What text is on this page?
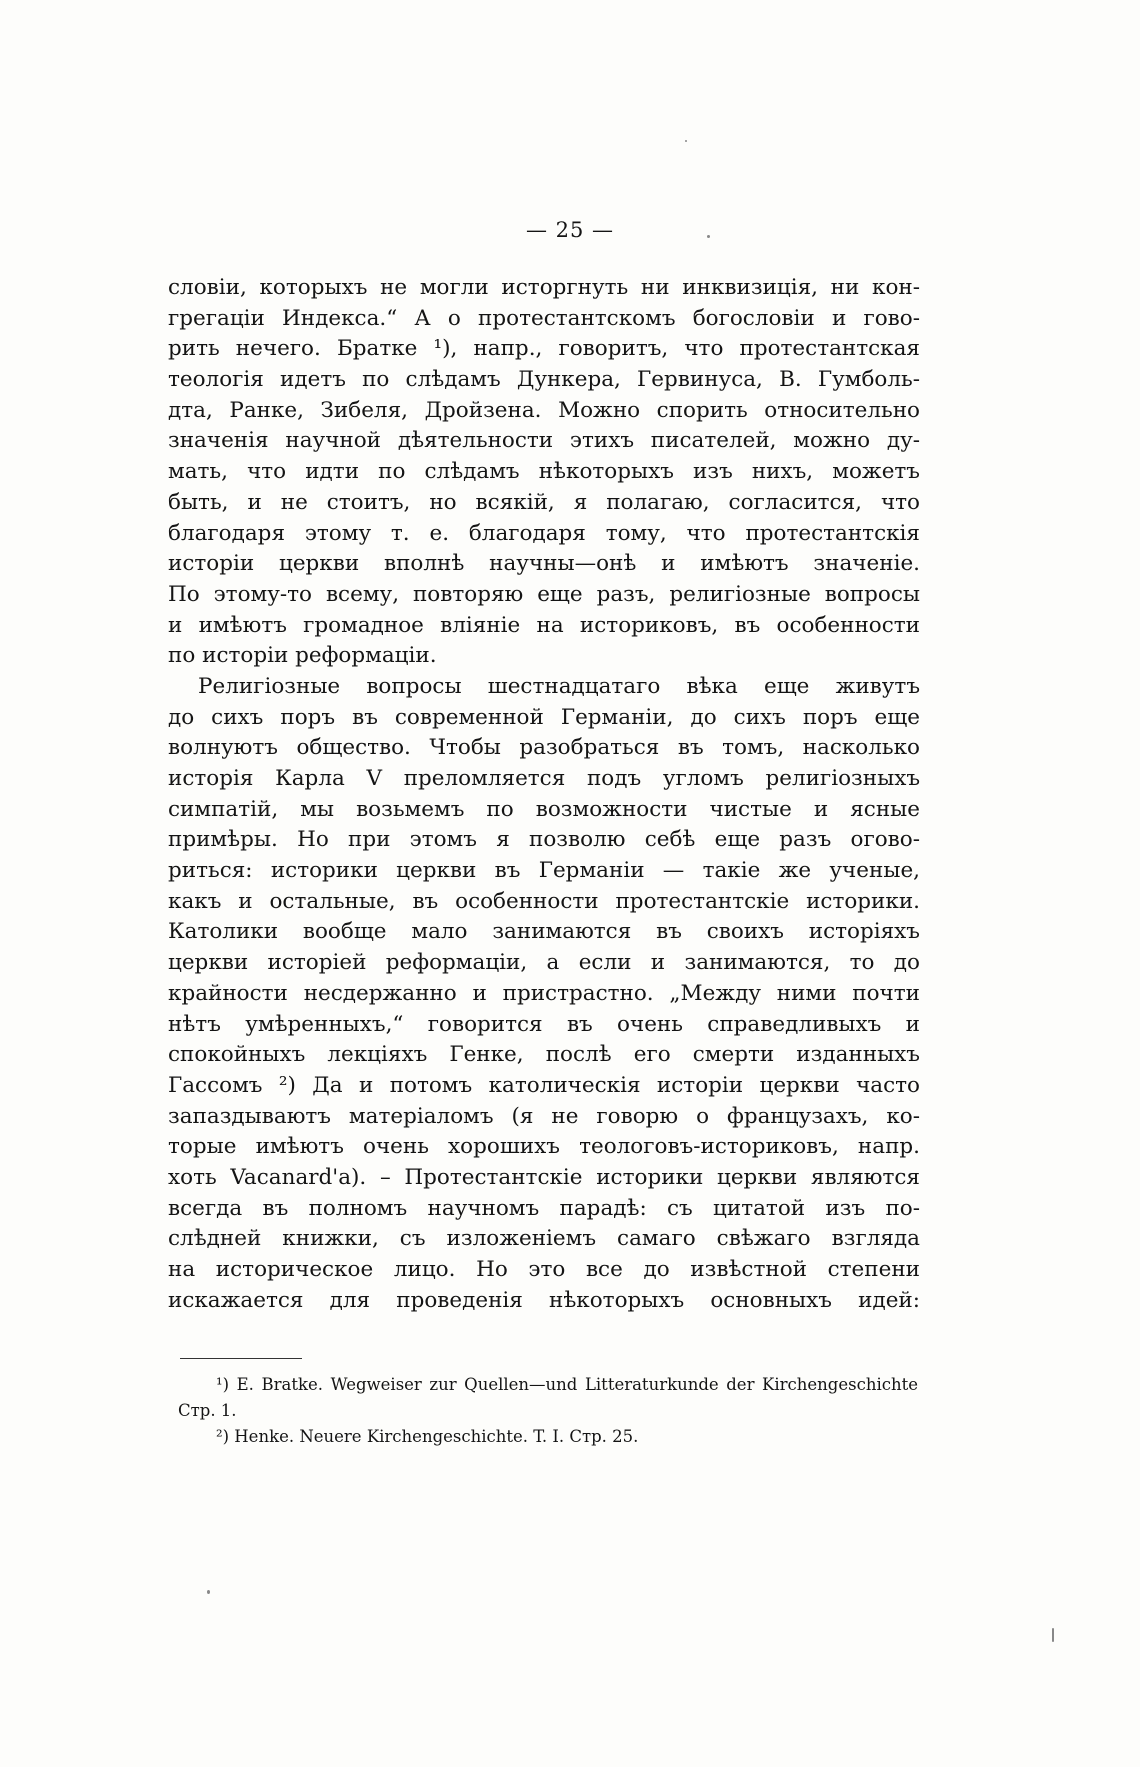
— 25 —
словіи, которыхъ не могли исторгнуть ни инквизицiя, ни кон-
грегацiи Индекса.“ А о протестантскомъ богословiи и гово-
рить нечего. Братке ¹), напр., говоритъ, что протестантская
теологiя идетъ по слѣдамъ Дункера, Гервинуса, В. Гумболь-
дта, Ранке, Зибеля, Дройзена. Можно спорить относительно
значенiя научной дѣятельности этихъ писателей, можно ду-
мать, что идти по слѣдамъ нѣкоторыхъ изъ нихъ, можетъ
быть, и не стоитъ, но всякiй, я полагаю, согласится, что
благодаря этому т. е. благодаря тому, что протестантскiя
исторiи церкви вполнѣ научны—онѣ и имѣютъ значенiе.
По этому-то всему, повторяю еще разъ, религiозные вопросы
и имѣютъ громадное влiянiе на историковъ, въ особенности
по исторiи реформацiи.
Религiозные вопросы шестнадцатаго вѣка еще живутъ
до сихъ поръ въ современной Германiи, до сихъ поръ еще
волнуютъ общество. Чтобы разобраться въ томъ, насколько
исторiя Карла V преломляется подъ угломъ религiозныхъ
симпатiй, мы возьмемъ по возможности чистые и ясные
примѣры. Но при этомъ я позволю себѣ еще разъ огово-
риться: историки церкви въ Германiи — такiе же ученые,
какъ и остальные, въ особенности протестантскiе историки.
Католики вообще мало занимаются въ своихъ исторiяхъ
церкви исторiей реформацiи, а если и занимаются, то до
крайности несдержанно и пристрастно. „Между ними почти
нѣтъ умѣренныхъ,“ говорится въ очень справедливыхъ и
спокойныхъ лекцiяхъ Генке, послѣ его смерти изданныхъ
Гассомъ ²) Да и потомъ католическiя исторiи церкви часто
запаздываютъ матерiаломъ (я не говорю о французахъ, ко-
торые имѣютъ очень хорошихъ теологовъ-историковъ, напр.
хоть Vacanard'a). – Протестантскiе историки церкви являются
всегда въ полномъ научномъ парадѣ: съ цитатой изъ по-
слѣдней книжки, съ изложенiемъ самаго свѣжаго взгляда
на историческое лицо. Но это все до извѣстной степени
искажается для проведенiя нѣкоторыхъ основныхъ идей:
¹) E. Bratke. Wegweiser zur Quellen—und Litteraturkunde der Kirchengeschichte
Стр. 1.
²) Henke. Neuere Kirchengeschichte. T. I. Стр. 25.
